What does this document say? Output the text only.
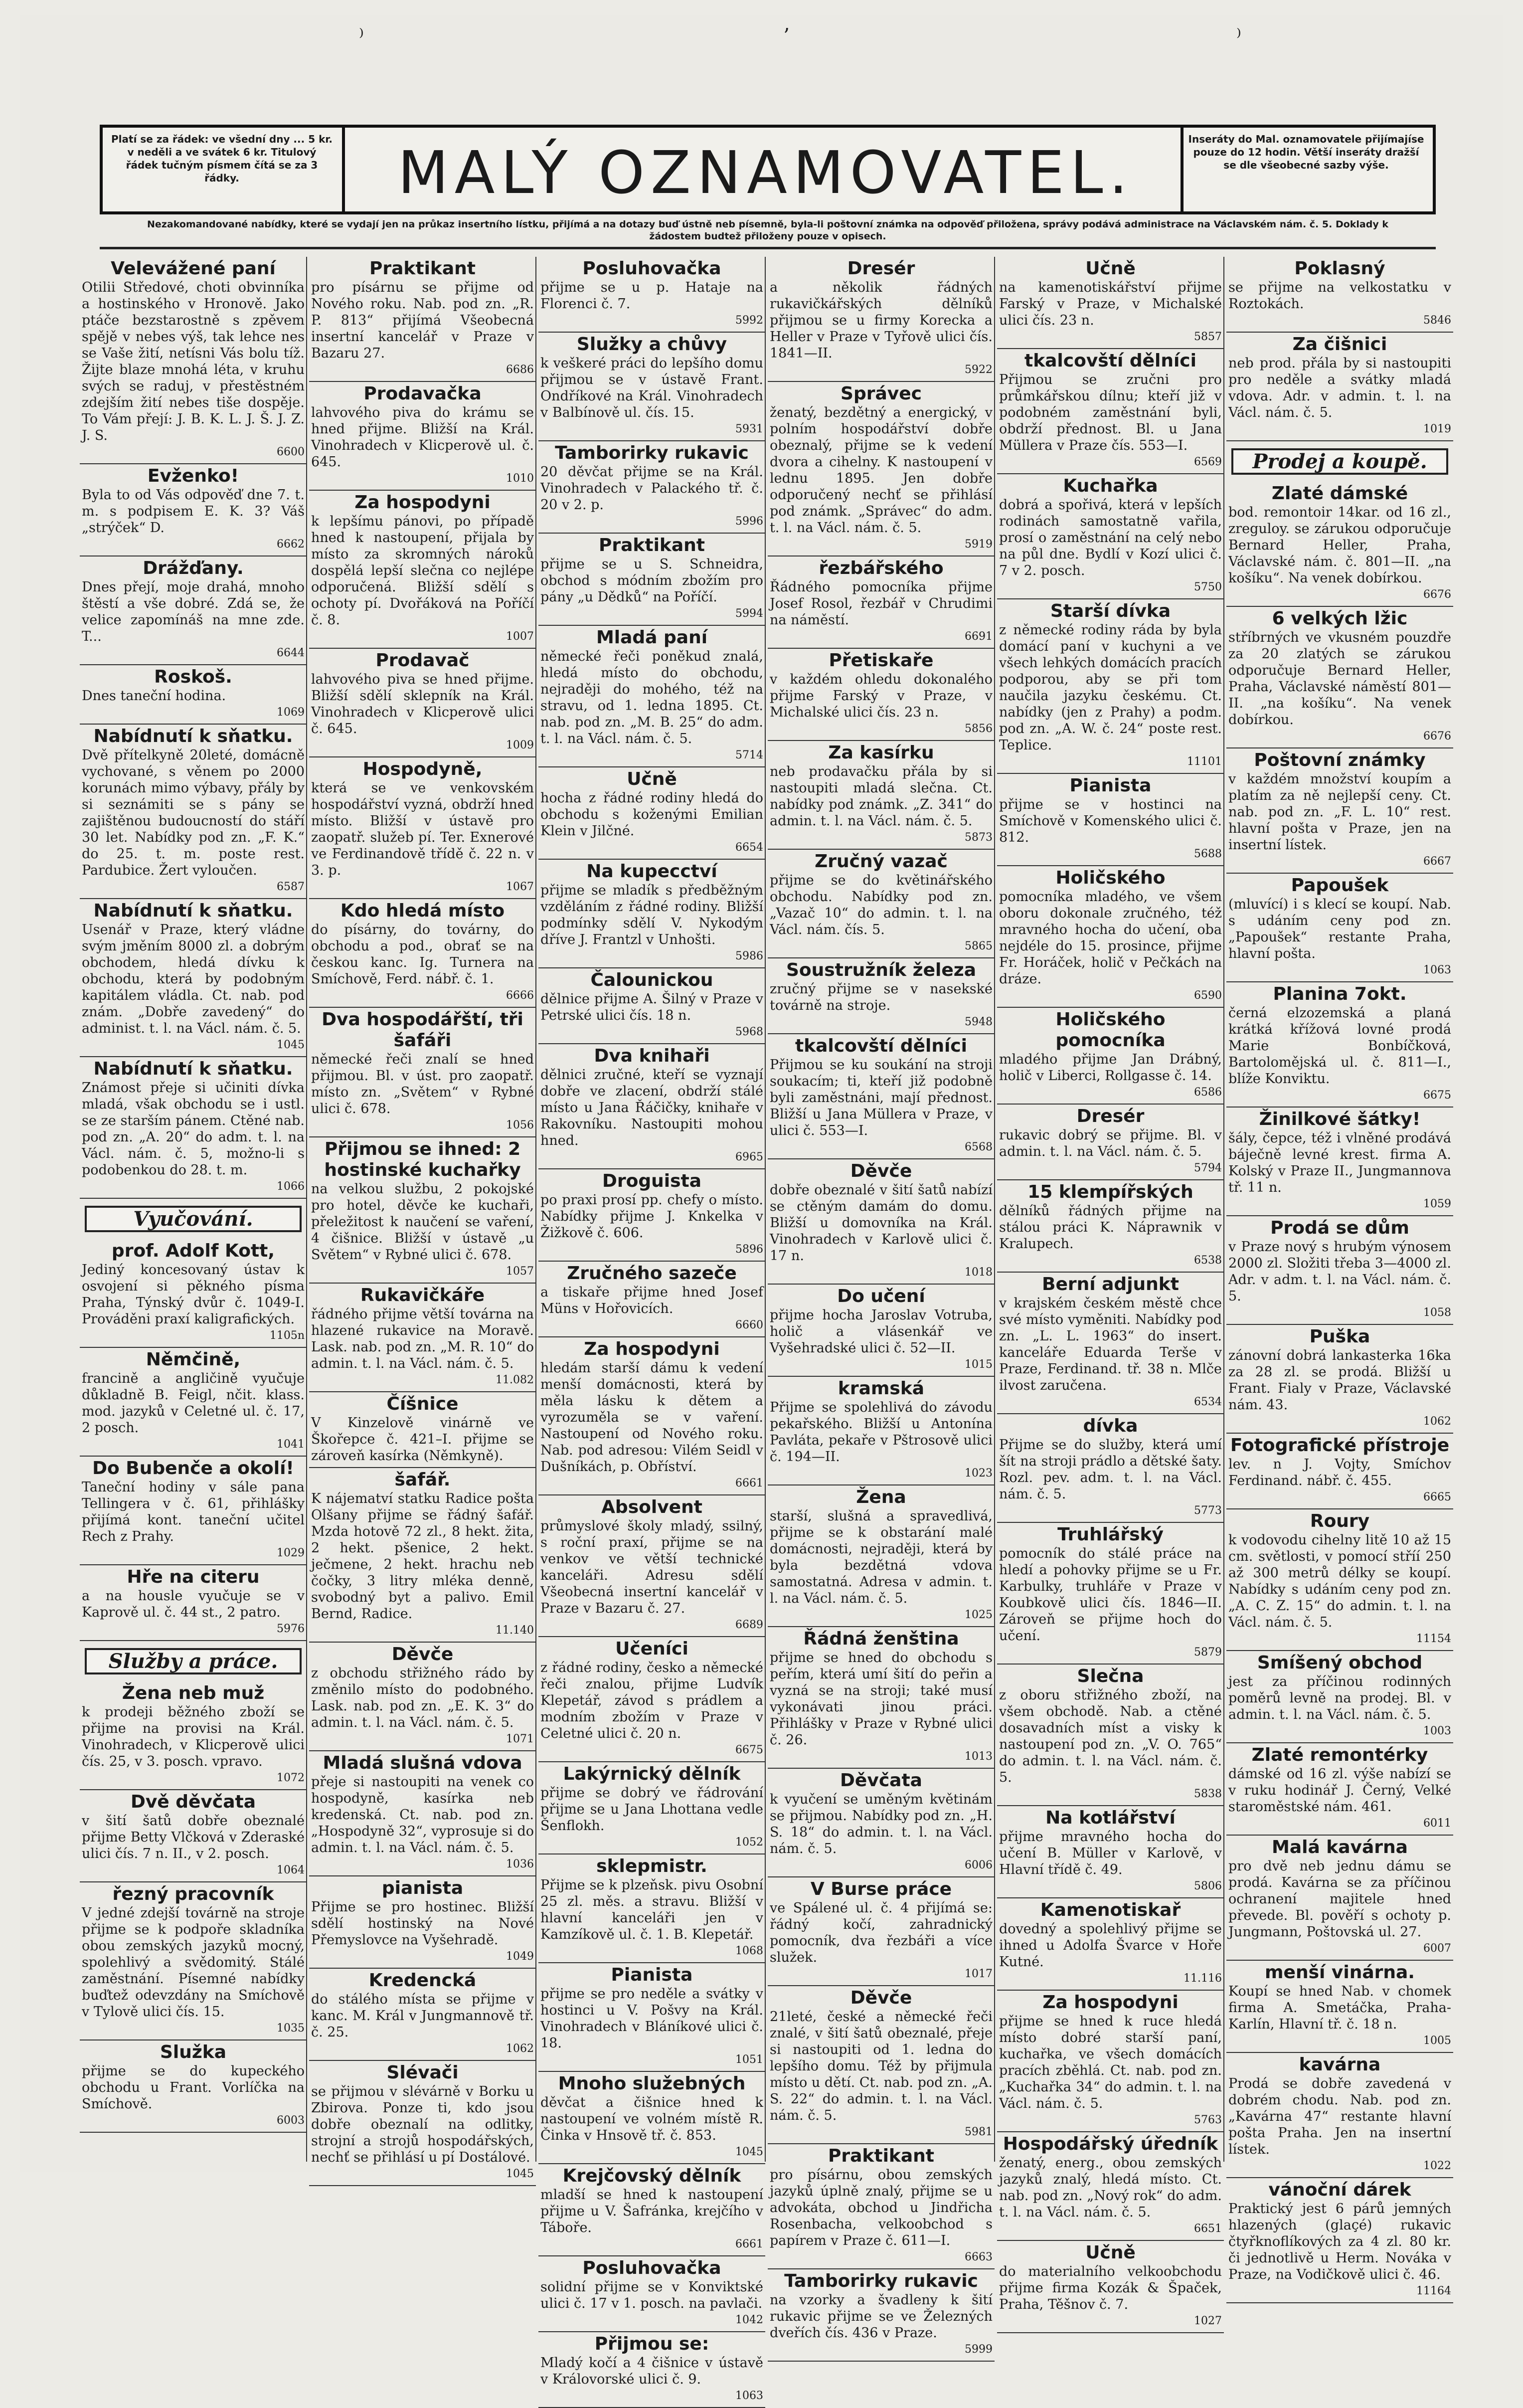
⁾	ʼ	⁾
Platí se za řádek: ve všední dny ... 5 kr. v neděli a ve svátek 6 kr. Titulový řádek tučným písmem čítá se za 3 řádky.	MALÝ OZNAMOVATEL.	Inseráty do Mal. oznamovatele přijímajíse pouze do 12 hodin. Větší inseráty dražší se dle všeobecné sazby výše.
Nezakomandované nabídky, které se vydají jen na průkaz insertního lístku, přijímá a na dotazy buď ústně neb písemně, byla-li poštovní známka na odpověď přiložena, správy podává administrace na Václavském nám. č. 5. Doklady k žádostem budtež přiloženy pouze v opisech.
Velevážené paní

Otilii Středové, choti obvinníka a hostinského v Hronově. Jako ptáče bezstarostně s zpěvem spějě v nebes výš, tak lehce nes se Vaše žití, netísni Vás bolu tíž. Žijte blaze mnohá léta, v kruhu svých se raduj, v přestěstném zdejším žití nebes tiše dospěje. To Vám přejí: J. B. K. L. J. Š. J. Z. J. S.

6600
Evženko!

Byla to od Vás odpověď dne 7. t. m. s podpisem E. K. 3? Váš „strýček“ D.

6662
Drážďany.

Dnes přejí, moje drahá, mnoho štěstí a vše dobré. Zdá se, že velice zapomínáš na mne zde. T...

6644
Roskoš.

Dnes taneční hodina.

1069
Nabídnutí k sňatku.

Dvě přítelkyně 20leté, domácně vychované, s věnem po 2000 korunách mimo výbavy, přály by si seznámiti se s pány se zajištěnou budoucností do stáří 30 let. Nabídky pod zn. „F. K.“ do 25. t. m. poste rest. Pardubice. Žert vyloučen.

6587
Nabídnutí k sňatku.

Usenář v Praze, který vládne svým jměním 8000 zl. a dobrým obchodem, hledá dívku k obchodu, která by podobným kapitálem vládla. Ct. nab. pod znám. „Dobře zavedený“ do administ. t. l. na Václ. nám. č. 5.

1045
Nabídnutí k sňatku.

Známost přeje si učiniti dívka mladá, však obchodu se i ustl. se ze starším pánem. Ctěné nab. pod zn. „A. 20“ do adm. t. l. na Václ. nám. č. 5, možno-li s podobenkou do 28. t. m.

1066
Vyučování.
prof. Adolf Kott,

Jediný koncesovaný ústav k osvojení si pěkného písma Praha, Týnský dvůr č. 1049-I. Prováděni praxí kaligrafických.

1105n
Němčině,

francině a angličině vyučuje důkladně B. Feigl, nčit. klass. mod. jazyků v Celetné ul. č. 17, 2 posch.

1041
Do Bubenče a okolí!

Taneční hodiny v sále pana Tellingera v č. 61, přihlášky přijímá kont. taneční učitel Rech z Prahy.

1029
Hře na citeru

a na housle vyučuje se v Kaprově ul. č. 44 st., 2 patro.

5976
Služby a práce.
Žena neb muž

k prodeji běžného zboží se přijme na provisi na Král. Vinohradech, v Klicperově ulici čís. 25, v 3. posch. vpravo.

1072
Dvě děvčata

v šití šatů dobře obeznalé přijme Betty Vlčková v Zderaské ulici čís. 7 n. II., v 2. posch.

1064
řezný pracovník

V jedné zdejší továrně na stroje přijme se k podpoře skladníka obou zemských jazyků mocný, spolehlivý a svědomitý. Stálé zaměstnání. Písemné nabídky buďtež odevzdány na Smíchově v Tylově ulici čís. 15.

1035
Služka

přijme se do kupeckého obchodu u Frant. Vorlíčka na Smíchově.

6003
Praktikant

pro písárnu se přijme od Nového roku. Nab. pod zn. „R. P. 813“ přijímá Všeobecná insertní kancelář v Praze v Bazaru 27.

6686
Prodavačka

lahvového piva do krámu se hned přijme. Bližší na Král. Vinohradech v Klicperově ul. č. 645.

1010
Za hospodyni

k lepšímu pánovi, po případě hned k nastoupení, přijala by místo za skromných nároků dospělá lepší slečna co nejlépe odporučená. Bližší sdělí s ochoty pí. Dvořáková na Poříčí č. 8.

1007
Prodavač

lahvového piva se hned přijme. Bližší sdělí sklepník na Král. Vinohradech v Klicperově ulici č. 645.

1009
Hospodyně,

která se ve venkovském hospodářství vyzná, obdrží hned místo. Bližší v ústavě pro zaopatř. služeb pí. Ter. Exnerové ve Ferdinandově třídě č. 22 n. v 3. p.

1067
Kdo hledá místo

do písárny, do továrny, do obchodu a pod., obrať se na českou kanc. Ig. Turnera na Smíchově, Ferd. nábř. č. 1.

6666
Dva hospodářští, tři šafáři

německé řeči znalí se hned přijmou. Bl. v úst. pro zaopatř. místo zn. „Světem“ v Rybné ulici č. 678.

1056
Přijmou se ihned: 2 hostinské kuchařky

na velkou službu, 2 pokojské pro hotel, děvče ke kuchaři, přeležitost k naučení se vaření, 4 čišnice. Bližší v ústavě „u Světem“ v Rybné ulici č. 678.

1057
Rukavičkáře

řádného přijme větší továrna na hlazené rukavice na Moravě. Lask. nab. pod zn. „M. R. 10“ do admin. t. l. na Václ. nám. č. 5.

11.082
Číšnice

V Kinzelově vinárně ve Škořepce č. 421–I. přijme se zároveň kasírka (Němkyně).

šafář.

K nájematví statku Radice pošta Olšany přijme se řádný šafář. Mzda hotově 72 zl., 8 hekt. žita, 2 hekt. pšenice, 2 hekt. ječmene, 2 hekt. hrachu neb čočky, 3 litry mléka denně, svobodný byt a palivo. Emil Bernd, Radice.

11.140
Děvče

z obchodu střižného rádo by změnilo místo do podobného. Lask. nab. pod zn. „E. K. 3“ do admin. t. l. na Václ. nám. č. 5.

1071
Mladá slušná vdova

přeje si nastoupiti na venek co hospodyně, kasírka neb kredenská. Ct. nab. pod zn. „Hospodyně 32“, vyprosuje si do admin. t. l. na Václ. nám. č. 5.

1036
pianista

Přijme se pro hostinec. Bližší sdělí hostinský na Nové Přemyslovce na Vyšehradě.

1049
Kredencká

do stálého místa se přijme v kanc. M. Král v Jungmannově tř. č. 25.

1062
Slévači

se přijmou v slévárně v Borku u Zbirova. Ponze ti, kdo jsou dobře obeznalí na odlitky, strojní a strojů hospodářských, nechť se přihlásí u pí Dostálové.

1045
Posluhovačka

přijme se u p. Hataje na Florenci č. 7.

5992
Služky a chůvy

k veškeré práci do lepšího domu přijmou se v ústavě Frant. Ondříkové na Král. Vinohradech v Balbínově ul. čís. 15.

5931
Tamborirky rukavic

20 děvčat přijme se na Král. Vinohradech v Palackého tř. č. 20 v 2. p.

5996
Praktikant

přijme se u S. Schneidra, obchod s módním zbožím pro pány „u Dědků“ na Poříčí.

5994
Mladá paní

německé řeči poněkud znalá, hledá místo do obchodu, nejraději do mohého, též na stravu, od 1. ledna 1895. Ct. nab. pod zn. „M. B. 25“ do adm. t. l. na Václ. nám. č. 5.

5714
Učně

hocha z řádné rodiny hledá do obchodu s koženými Emilian Klein v Jilčné.

6654
Na kupecctví

přijme se mladík s předběžným vzděláním z řádné rodiny. Bližší podmínky sdělí V. Nykodým dříve J. Frantzl v Unhošti.

5986
Čalounickou

dělnice přijme A. Šilný v Praze v Petrské ulici čís. 18 n.

5968
Dva knihaři

dělnici zručné, kteří se vyznají dobře ve zlacení, obdrží stálé místo u Jana Řáčičky, knihaře v Rakovníku. Nastoupiti mohou hned.

6965
Droguista

po praxi prosí pp. chefy o místo. Nabídky přijme J. Knkelka v Žižkově č. 606.

5896
Zručného sazeče

a tiskaře přijme hned Josef Müns v Hořovicích.

6660
Za hospodyni

hledám starší dámu k vedení menší domácnosti, která by měla lásku k dětem a vyrozuměla se v vaření. Nastoupení od Nového roku. Nab. pod adresou: Vilém Seidl v Dušníkách, p. Obříství.

6661
Absolvent

průmyslové školy mladý, ssilný, s roční praxí, přijme se na venkov ve větší technické kanceláři. Adresu sdělí Všeobecná insertní kancelář v Praze v Bazaru č. 27.

6689
Učeníci

z řádné rodiny, česko a německé řeči znalou, přijme Ludvík Klepetář, závod s prádlem a modním zbožím v Praze v Celetné ulici č. 20 n.

6675
Lakýrnický dělník

přijme se dobrý ve řádrování přijme se u Jana Lhottana vedle Šenflokh.

1052
sklepmistr.

Přijme se k plzeňsk. pivu Osobní 25 zl. měs. a stravu. Bližší v hlavní kanceláři jen v Kamzíkově ul. č. 1. B. Klepetář.

1068
Pianista

přijme se pro neděle a svátky v hostinci u V. Pošvy na Král. Vinohradech v Bláníkové ulici č. 18.

1051
Mnoho služebných

děvčat a čišnice hned k nastoupení ve volném místě R. Činka v Hnsově tř. č. 853.

1045
Krejčovský dělník

mladší se hned k nastoupení přijme u V. Šafránka, krejčího v Táboře.

6661
Posluhovačka

solidní přijme se v Konviktské ulici č. 17 v 1. posch. na pavlači.

1042
Přijmou se:

Mladý kočí a 4 čišnice v ústavě v Královorské ulici č. 9.

1063
Dresér

a několik řádných rukavičkářských dělníků přijmou se u firmy Korecka a Heller v Praze v Tyřově ulici čís. 1841—II.

5922
Správec

ženatý, bezdětný a energický, v polním hospodářství dobře obeznalý, přijme se k vedení dvora a cihelny. K nastoupení v lednu 1895. Jen dobře odporučený nechť se přihlásí pod známk. „Správec“ do adm. t. l. na Václ. nám. č. 5.

5919
řezbářského

Řádného pomocníka přijme Josef Rosol, řezbář v Chrudimi na náměstí.

6691
Přetiskaře

v každém ohledu dokonalého přijme Farský v Praze, v Michalské ulici čís. 23 n.

5856
Za kasírku

neb prodavačku přála by si nastoupiti mladá slečna. Ct. nabídky pod známk. „Z. 341“ do admin. t. l. na Václ. nám. č. 5.

5873
Zručný vazač

přijme se do květinářského obchodu. Nabídky pod zn. „Vazač 10“ do admin. t. l. na Václ. nám. čís. 5.

5865
Soustružník železa

zručný přijme se v nasekské továrně na stroje.

5948
tkalcovští dělníci

Přijmou se ku soukání na stroji soukacím; ti, kteří již podobně byli zaměstnáni, mají přednost. Bližší u Jana Müllera v Praze, v ulici č. 553—I.

6568
Děvče

dobře obeznalé v šití šatů nabízí se ctěným damám do domu. Bližší u domovníka na Král. Vinohradech v Karlově ulici č. 17 n.

1018
Do učení

přijme hocha Jaroslav Votruba, holič a vlásenkář ve Vyšehradské ulici č. 52—II.

1015
kramská

Přijme se spolehlivá do závodu pekařského. Bližší u Antonína Pavláta, pekaře v Pštrosově ulici č. 194—II.

1023
Žena

starší, slušná a spravedlivá, přijme se k obstarání malé domácnosti, nejraději, která by byla bezdětná vdova samostatná. Adresa v admin. t. l. na Václ. nám. č. 5.

1025
Řádná ženština

přijme se hned do obchodu s peřím, která umí šití do peřin a vyzná se na stroji; také musí vykonávati jinou práci. Přihlášky v Praze v Rybné ulici č. 26.

1013
Děvčata

k vyučení se uměným květinám se přijmou. Nabídky pod zn. „H. S. 18“ do admin. t. l. na Václ. nám. č. 5.

6006
V Burse práce

ve Spálené ul. č. 4 přijímá se: řádný kočí, zahradnický pomocník, dva řezbáři a více služek.

1017
Děvče

21leté, české a německé řeči znalé, v šití šatů obeznalé, přeje si nastoupiti od 1. ledna do lepšího domu. Též by přijmula místo u dětí. Ct. nab. pod zn. „A. S. 22“ do admin. t. l. na Václ. nám. č. 5.

5981
Praktikant

pro písárnu, obou zemských jazyků úplně znalý, přijme se u advokáta, obchod u Jindřicha Rosenbacha, velkoobchod s papírem v Praze č. 611—I.

6663
Tamborirky rukavic

na vzorky a švadleny k šití rukavic přijme se ve Železných dveřích čís. 436 v Praze.

5999
Učně

na kamenotiskářství přijme Farský v Praze, v Michalské ulici čís. 23 n.

5857
tkalcovští dělníci

Přijmou se zručni pro průmkářskou dílnu; kteří již v podobném zaměstnání byli, obdrží přednost. Bl. u Jana Müllera v Praze čís. 553—I.

6569
Kuchařka

dobrá a spořivá, která v lepších rodinách samostatně vařila, prosí o zaměstnání na celý nebo na půl dne. Bydlí v Kozí ulici č. 7 v 2. posch.

5750
Starší dívka

z německé rodiny ráda by byla domácí paní v kuchyni a ve všech lehkých domácích pracích podporou, aby se při tom naučila jazyku českému. Ct. nabídky (jen z Prahy) a podm. pod zn. „A. W. č. 24“ poste rest. Teplice.

11101
Pianista

přijme se v hostinci na Smíchově v Komenského ulici č. 812.

5688
Holičského

pomocníka mladého, ve všem oboru dokonale zručného, též mravného hocha do učení, oba nejdéle do 15. prosince, přijme Fr. Horáček, holič v Pečkách na dráze.

6590
Holičského pomocníka

mladého přijme Jan Drábný, holič v Liberci, Rollgasse č. 14.

6586
Dresér

rukavic dobrý se přijme. Bl. v admin. t. l. na Václ. nám. č. 5.

5794
15 klempířských

dělníků řádných přijme na stálou práci K. Náprawnik v Kralupech.

6538
Berní adjunkt

v krajském českém městě chce své místo vyměniti. Nabídky pod zn. „L. L. 1963“ do insert. kanceláře Eduarda Terše v Praze, Ferdinand. tř. 38 n. Mlče ilvost zaručena.

6534
dívka

Přijme se do služby, která umí šít na stroji prádlo a dětské šaty. Rozl. pev. adm. t. l. na Václ. nám. č. 5.

5773
Truhlářský

pomocník do stálé práce na hledí a pohovky přijme se u Fr. Karbulky, truhláře v Praze v Koubkově ulici čís. 1846—II. Zároveň se přijme hoch do učení.

5879
Slečna

z oboru střižného zboží, na všem obchodě. Nab. a ctěné dosavadních míst a visky k nastoupení pod zn. „V. O. 765“ do admin. t. l. na Václ. nám. č. 5.

5838
Na kotlářství

přijme mravného hocha do učení B. Müller v Karlově, v Hlavní třídě č. 49.

5806
Kamenotiskař

dovedný a spolehlivý přijme se ihned u Adolfa Švarce v Hoře Kutné.

11.116
Za hospodyni

přijme se hned k ruce hledá místo dobré starší paní, kuchařka, ve všech domácích pracích zběhlá. Ct. nab. pod zn. „Kuchařka 34“ do admin. t. l. na Václ. nám. č. 5.

5763
Hospodářský úředník

ženatý, energ., obou zemských jazyků znalý, hledá místo. Ct. nab. pod zn. „Nový rok“ do adm. t. l. na Václ. nám. č. 5.

6651
Učně

do materialního velkoobchodu přijme firma Kozák & Špaček, Praha, Těšnov č. 7.

1027
Poklasný

se přijme na velkostatku v Roztokách.

5846
Za čišnici

neb prod. přála by si nastoupiti pro neděle a svátky mladá vdova. Adr. v admin. t. l. na Václ. nám. č. 5.

1019
Prodej a koupě.
Zlaté dámské

bod. remontoir 14kar. od 16 zl., zreguloy. se zárukou odporučuje Bernard Heller, Praha, Václavské nám. č. 801—II. „na košíku“. Na venek dobírkou.

6676
6 velkých lžic

stříbrných ve vkusném pouzdře za 20 zlatých se zárukou odporučuje Bernard Heller, Praha, Václavské náměstí 801—II. „na košíku“. Na venek dobírkou.

6676
Poštovní známky

v každém množství koupím a platím za ně nejlepší ceny. Ct. nab. pod zn. „F. L. 10“ rest. hlavní pošta v Praze, jen na insertní lístek.

6667
Papoušek

(mluvící) i s klecí se koupí. Nab. s udáním ceny pod zn. „Papoušek“ restante Praha, hlavní pošta.

1063
Planina 7okt.

černá elzozemská a planá krátká křížová lovné prodá Marie Bonbíčková, Bartolomějská ul. č. 811—I., blíže Konviktu.

6675
Žinilkové šátky!

šály, čepce, též i vlněné prodává báječně levné krest. firma A. Kolský v Praze II., Jungmannova tř. 11 n.

1059
Prodá se dům

v Praze nový s hrubým výnosem 2000 zl. Složiti třeba 3—4000 zl. Adr. v adm. t. l. na Václ. nám. č. 5.

1058
Puška

zánovní dobrá lankasterka 16ka za 28 zl. se prodá. Bližší u Frant. Fialy v Praze, Václavské nám. 43.

1062
Fotografické přístroje

lev. n J. Vojty, Smíchov Ferdinand. nábř. č. 455.

6665
Roury

k vodovodu cihelny litě 10 až 15 cm. světlosti, v pomocí stříí 250 až 300 metrů délky se koupí. Nabídky s udáním ceny pod zn. „A. C. Z. 15“ do admin. t. l. na Václ. nám. č. 5.

11154
Smíšený obchod

jest za příčinou rodinných poměrů levně na prodej. Bl. v admin. t. l. na Václ. nám. č. 5.

1003
Zlaté remontérky

dámské od 16 zl. výše nabízí se v ruku hodinář J. Černý, Velké staroměstské nám. 461.

6011
Malá kavárna

pro dvě neb jednu dámu se prodá. Kavárna se za příčinou ochranení majitele hned převede. Bl. pověří s ochoty p. Jungmann, Poštovská ul. 27.

6007
menší vinárna.

Koupí se hned Nab. v chomek firma A. Smetáčka, Praha-Karlín, Hlavní tř. č. 18 n.

1005
kavárna

Prodá se dobře zavedená v dobrém chodu. Nab. pod zn. „Kavárna 47“ restante hlavní pošta Praha. Jen na insertní lístek.

1022
vánoční dárek

Praktický jest 6 párů jemných hlazených (glaçé) rukavic čtyřknoflíkových za 4 zl. 80 kr. či jednotlivě u Herm. Nováka v Praze, na Vodičkově ulici č. 46.

11164
